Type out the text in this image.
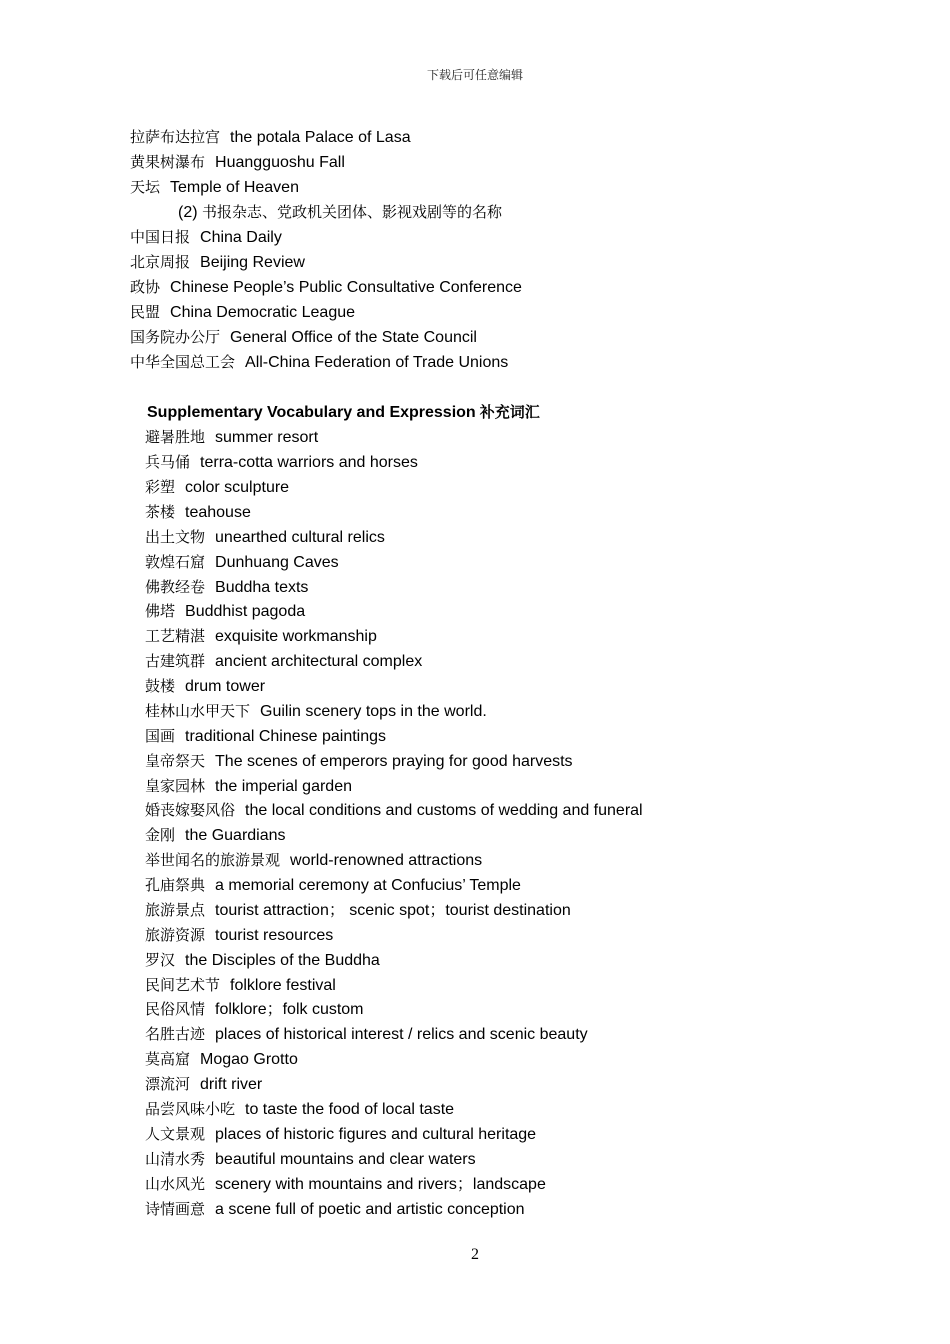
下载后可任意编辑
拉萨布达拉宫 the potala Palace of Lasa
黄果树瀑布 Huangguoshu Fall
天坛 Temple of Heaven
(2) 书报杂志、党政机关团体、影视戏剧等的名称
中国日报 China Daily
北京周报 Beijing Review
政协 Chinese People’s Public Consultative Conference
民盟 China Democratic League
国务院办公厅 General Office of the State Council
中华全国总工会 All-China Federation of Trade Unions
Supplementary Vocabulary and Expression 补充词汇
避暑胜地 summer resort
兵马俑 terra-cotta warriors and horses
彩塑 color sculpture
茶楼 teahouse
出土文物 unearthed cultural relics
敦煌石窟 Dunhuang Caves
佛教经卷 Buddha texts
佛塔 Buddhist pagoda
工艺精湛 exquisite workmanship
古建筑群 ancient architectural complex
鼓楼 drum tower
桂林山水甲天下 Guilin scenery tops in the world.
国画 traditional Chinese paintings
皇帝祭天 The scenes of emperors praying for good harvests
皇家园林 the imperial garden
婚丧嫁娶风俗 the local conditions and customs of wedding and funeral
金刚 the Guardians
举世闻名的旅游景观 world-renowned attractions
孔庙祭典 a memorial ceremony at Confucius’ Temple
旅游景点 tourist attraction； scenic spot；tourist destination
旅游资源 tourist resources
罗汉 the Disciples of the Buddha
民间艺术节 folklore festival
民俗风情 folklore；folk custom
名胜古迹 places of historical interest / relics and scenic beauty
莫高窟 Mogao Grotto
漂流河 drift river
品尝风味小吃 to taste the food of local taste
人文景观 places of historic figures and cultural heritage
山清水秀 beautiful mountains and clear waters
山水风光 scenery with mountains and rivers；landscape
诗情画意 a scene full of poetic and artistic conception
2
